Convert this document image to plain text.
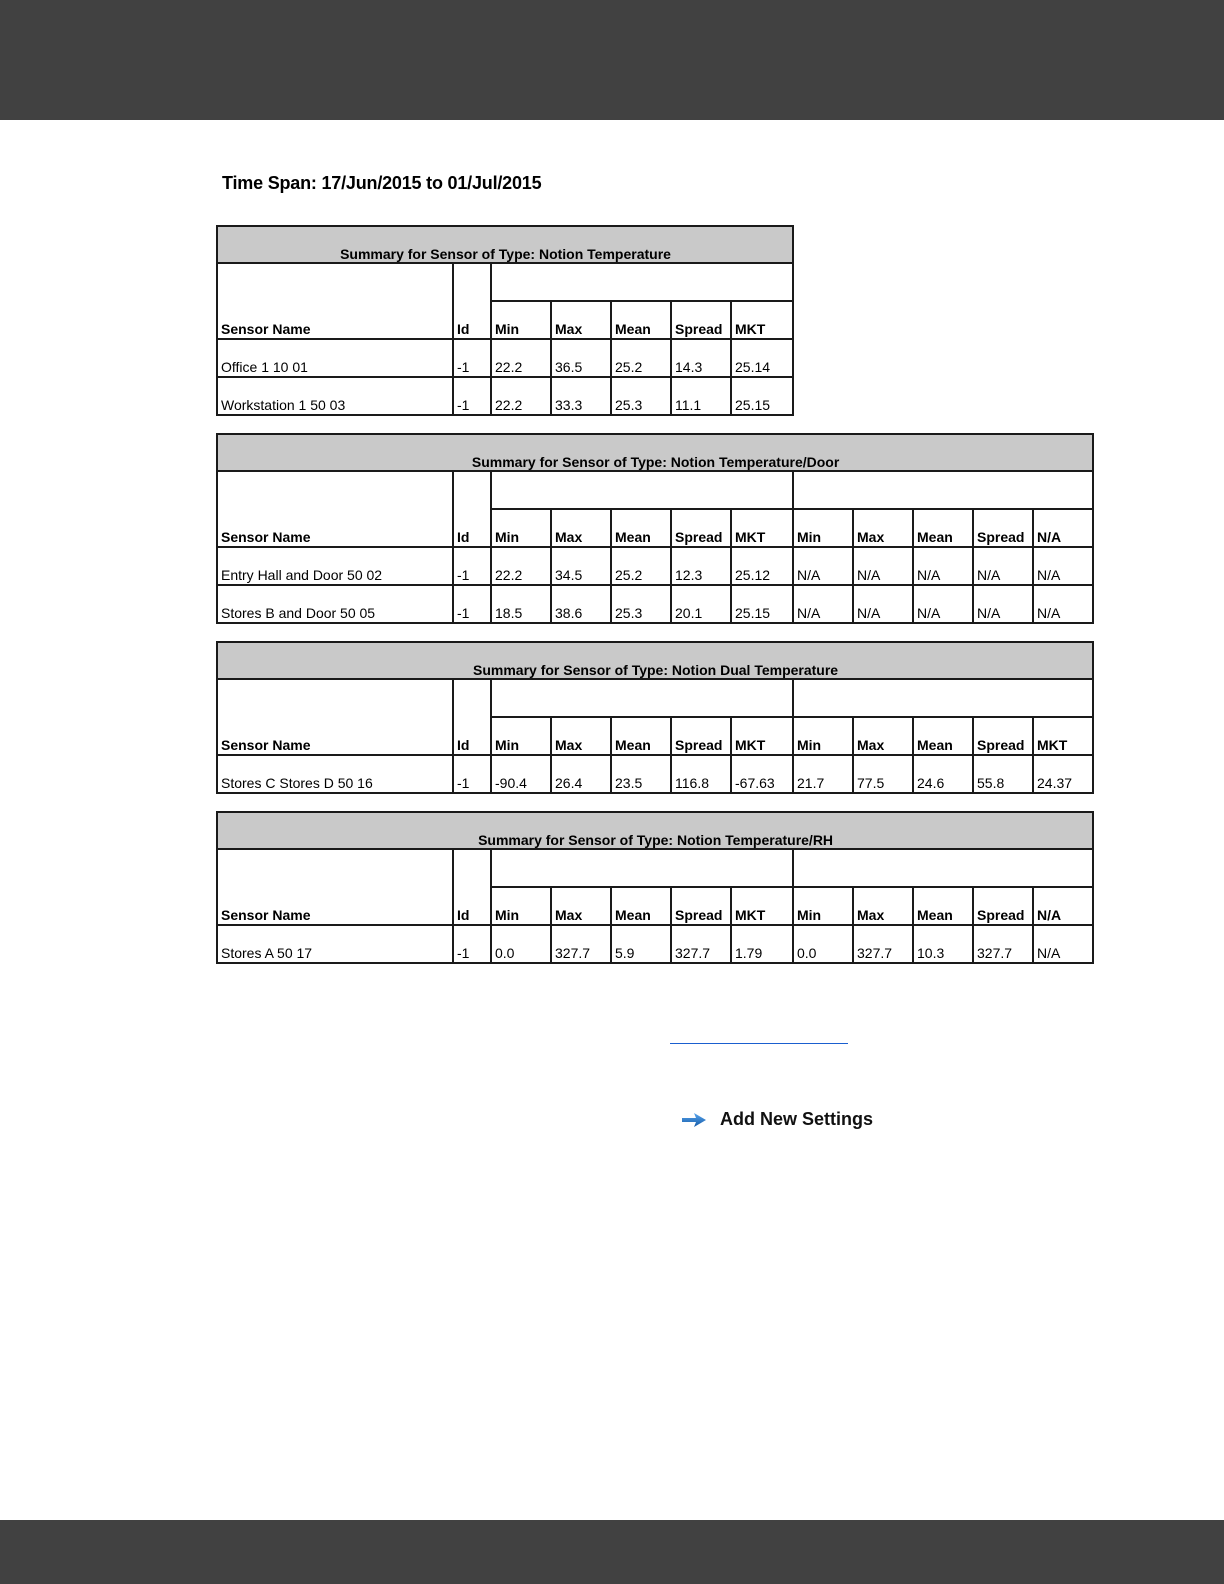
Time Span: 17/Jun/2015 to 01/Jul/2015
Summary for Sensor of Type: Notion Temperature						
Sensor Name	Id					
		Min	Max	Mean	Spread	MKT
Office 1 10 01	-1	22.2	36.5	25.2	14.3	25.14
Workstation 1 50 03	-1	22.2	33.3	25.3	11.1	25.15
Summary for Sensor of Type: Notion Temperature/Door											
Sensor Name	Id										
		Min	Max	Mean	Spread	MKT	Min	Max	Mean	Spread	N/A
Entry Hall and Door 50 02	-1	22.2	34.5	25.2	12.3	25.12	N/A	N/A	N/A	N/A	N/A
Stores B and Door 50 05	-1	18.5	38.6	25.3	20.1	25.15	N/A	N/A	N/A	N/A	N/A
Summary for Sensor of Type: Notion Dual Temperature											
Sensor Name	Id										
		Min	Max	Mean	Spread	MKT	Min	Max	Mean	Spread	MKT
Stores C Stores D 50 16	-1	-90.4	26.4	23.5	116.8	-67.63	21.7	77.5	24.6	55.8	24.37
Summary for Sensor of Type: Notion Temperature/RH											
Sensor Name	Id										
		Min	Max	Mean	Spread	MKT	Min	Max	Mean	Spread	N/A
Stores A 50 17	-1	0.0	327.7	5.9	327.7	1.79	0.0	327.7	10.3	327.7	N/A
Add New Settings
